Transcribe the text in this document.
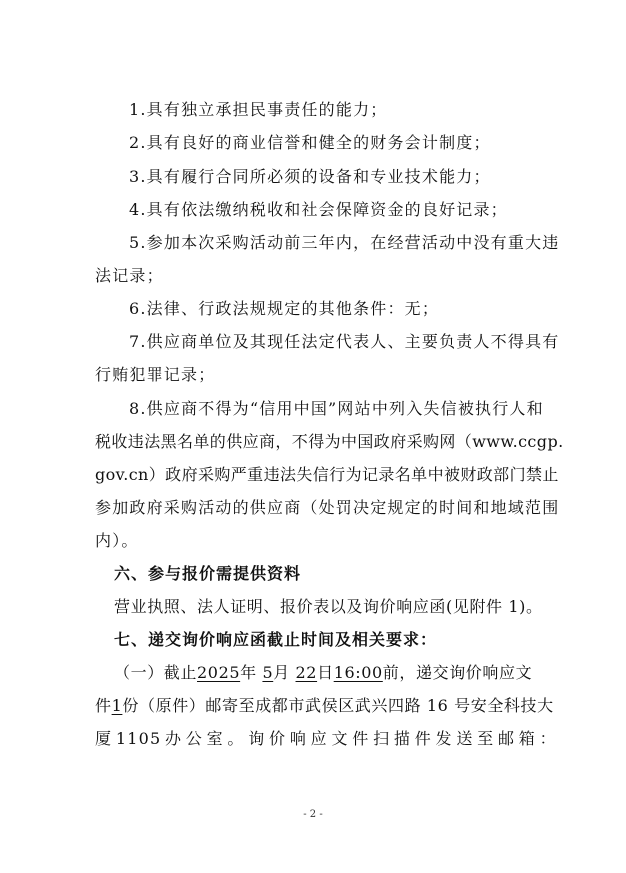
1.具有独立承担民事责任的能力；
2.具有良好的商业信誉和健全的财务会计制度；
3.具有履行合同所必须的设备和专业技术能力；
4.具有依法缴纳税收和社会保障资金的良好记录；
5.参加本次采购活动前三年内，在经营活动中没有重大违
法记录；
6.法律、行政法规规定的其他条件：无；
7.供应商单位及其现任法定代表人、主要负责人不得具有
行贿犯罪记录；
8.供应商不得为“信用中国”网站中列入失信被执行人和
税收违法黑名单的供应商，不得为中国政府采购网（www.ccgp.
gov.cn）政府采购严重违法失信行为记录名单中被财政部门禁止
参加政府采购活动的供应商（处罚决定规定的时间和地域范围
内）。
六、参与报价需提供资料
营业执照、法人证明、报价表以及询价响应函(见附件 1)。
七、递交询价响应函截止时间及相关要求：
（一）截止2025年 5月 22日16:00前，递交询价响应文
件1份（原件）邮寄至成都市武侯区武兴四路 16 号安全科技大
厦 1105 办 公 室 。 询 价 响 应 文 件 扫 描 件 发 送 至 邮 箱 ：
- 2 -
